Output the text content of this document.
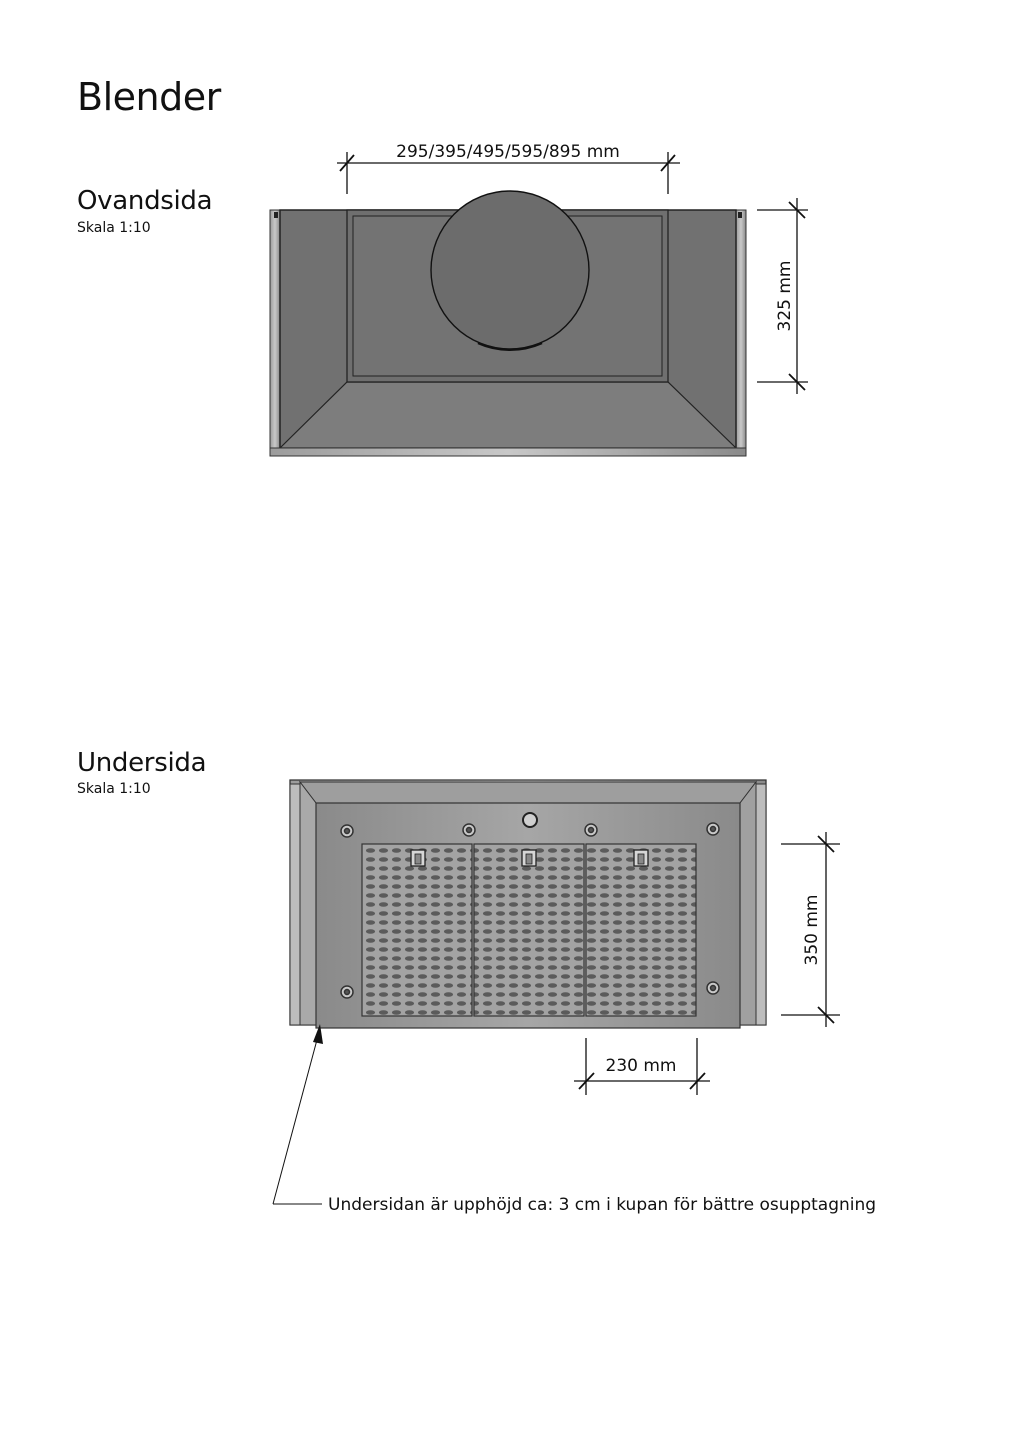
Blender
Ovandsida
Skala 1:10
Undersida
Skala 1:10
295/395/495/595/895 mm
325 mm
350 mm
230 mm
Undersidan är upphöjd ca: 3 cm i kupan för bättre osupptagning
